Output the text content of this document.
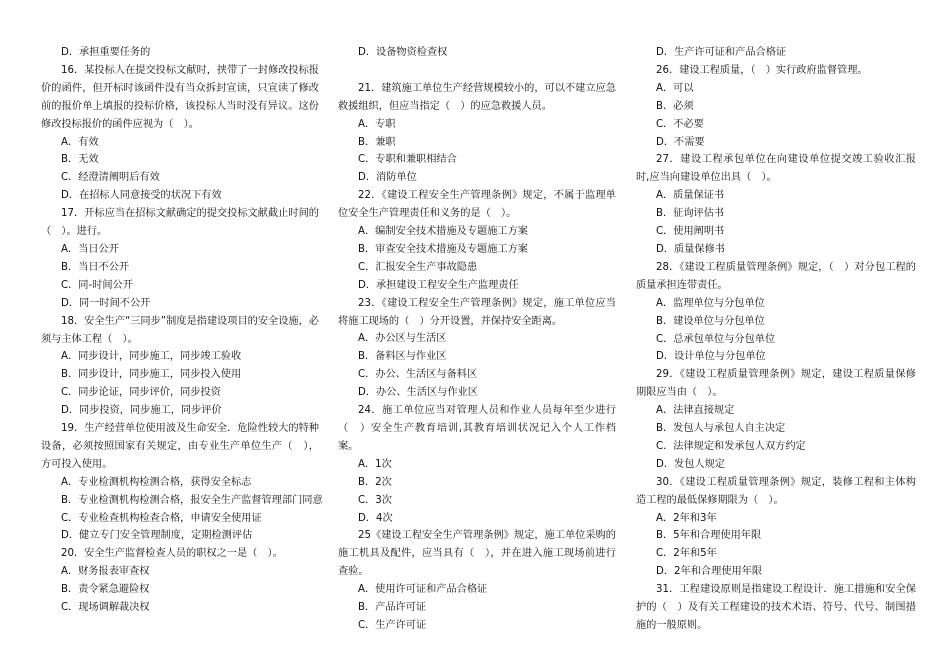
D．承担重要任务的
16．某投标人在提交投标文献时，挟带了一封修改投标报价的函件，但开标时该函件没有当众拆封宣读，只宣读了修改前的报价单上填报的投标价格，该投标人当时没有异议。这份修改投标报价的函件应视为（　）。
A．有效
B．无效
C．经澄清阐明后有效
D．在招标人同意接受的状况下有效
17．开标应当在招标文献确定的提交投标文献截止时间的（　）。进行。
A．当日公开
B．当日不公开
C．同-时间公开
D．同一时间不公开
18．安全生产“三同步”制度是指建设项目的安全设施，必须与主体工程（　）。
A．同步设计，同步施工，同步竣工验收
B．同步设计，同步施工，同步投入使用
C．同步论证，同步评价，同步投资
D．同步投资，同步施工，同步评价
19．生产经营单位使用波及生命安全．危险性较大的特种设备，必须按照国家有关规定，由专业生产单位生产（　），方可投入使用。
A．专业检测机构检测合格，获得安全标志
B．专业检测机构检测合格，报安全生产监督管理部门同意
C．专业检查机构检查合格，申请安全使用证
D．健立专门安全管理制度，定期检测评估
20．安全生产监督检查人员的职权之一是（　）。
A．财务报表审查权
B．责令紧急避险权
C．现场调解裁决权
D．设备物资检查权
21．建筑施工单位生产经营规模较小的，可以不建立应急救援组织，但应当指定（　）的应急救援人员。
A．专职
B．兼职
C．专职和兼职相结合
D．消防单位
22．《建设工程安全生产管理条例》规定，不属于监理单位安全生产管理责任和义务的是（　）。
A．编制安全技术措施及专题施工方案
B．审查安全技术措施及专题施工方案
C．汇报安全生产事故隐患
D．承担建设工程安全生产监理责任
23．《建设工程安全生产管理条例》规定，施工单位应当将施工现场的（　）分开设置，并保持安全距离。
A．办公区与生活区
B．备料区与作业区
C．办公、生活区与备料区
D．办公、生活区与作业区
24．施工单位应当对管理人员和作业人员每年至少进行（　）安全生产教育培训,其教育培训状况记入个人工作档案。
A．1次
B．2次
C．3次
D．4次
25《建设工程安全生产管理条例》规定，施工单位采购的施工机具及配件，应当具有（　），并在进入施工现场前进行查验。
A．使用许可证和产品合格证
B．产品许可证
C．生产许可证
D．生产许可证和产品合格证
26．建设工程质量，（　）实行政府监督管理。
A．可以
B．必须
C．不必要
D．不需要
27．建设工程承包单位在向建设单位提交竣工验收汇报时,应当向建设单位出具（　）。
A．质量保证书
B．征询评估书
C．使用阐明书
D．质量保修书
28．《建设工程质量管理条例》规定，（　）对分包工程的质量承担连带责任。
A．监理单位与分包单位
B．建设单位与分包单位
C．总承包单位与分包单位
D．设计单位与分包单位
29．《建设工程质量管理条例》规定，建设工程质量保修期限应当由（　）。
A．法律直接规定
B．发包人与承包人自主决定
C．法律规定和发承包人双方约定
D．发包人规定
30．《建设工程质量管理条例》规定，装修工程和主体构造工程的最低保修期限为（　）。
A．2年和3年
B．5年和合理使用年限
C．2年和5年
D．2年和合理使用年限
31．工程建设原则是指建设工程设计．施工措施和安全保护的（　）及有关工程建设的技术术语、符号、代号、制图措施的一般原则。
